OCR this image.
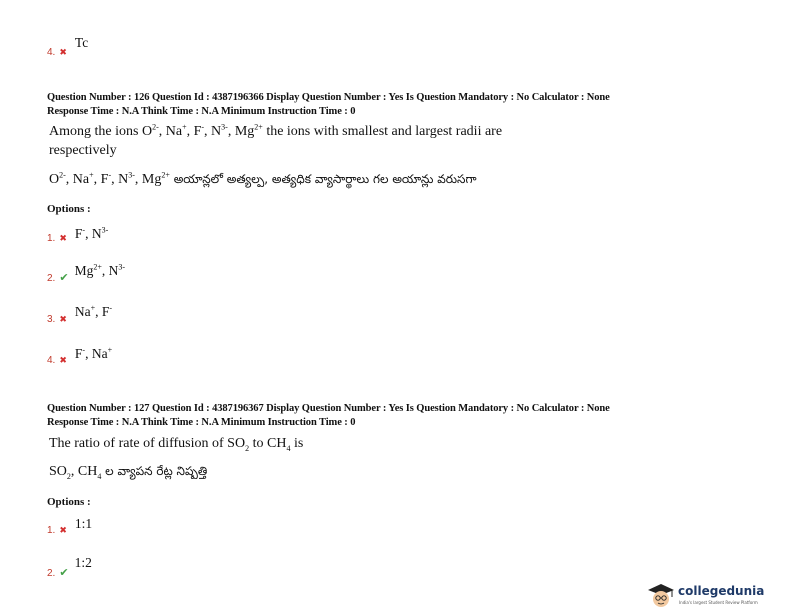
4. ✖ $^{Tc}$
Question Number : 126 Question Id : 4387196366 Display Question Number : Yes Is Question Mandatory : No Calculator : None
Response Time : N.A Think Time : N.A Minimum Instruction Time : 0
Among the ions $O^{2-}$, Na+, F-, $N^{3-}$, $Mg^{2+}$ the ions with smallest and largest radii are
respectively
$O^{2-}$, Na+, F-, $N^{3-}$, $Mg^{2+}$ అయాన్లలో అత్యల్ప, అత్యధిక వ్యాసార్థాలు గల అయాన్లు వరుసగా
Options :
1. ✖ F-, $N^{3-}$
2. ✔ $^{Mg^{2+}, N^{3-}}$
3. ✖ $^{Na^+, F^-}$
4. ✖ $^{F^-, Na^+}$
Question Number : 127 Question Id : 4387196367 Display Question Number : Yes Is Question Mandatory : No Calculator : None
Response Time : N.A Think Time : N.A Minimum Instruction Time : 0
The ratio of rate of diffusion of $SO_2$ to $CH_4$ is
$SO_2$, $CH_4$ ల వ్యాపన రేట్ల నిష్పత్తి
Options :
1. ✖ $^{1:1}$
2. ✔ $^{1:2}$
collegedunia
India's largest Student Review Platform
